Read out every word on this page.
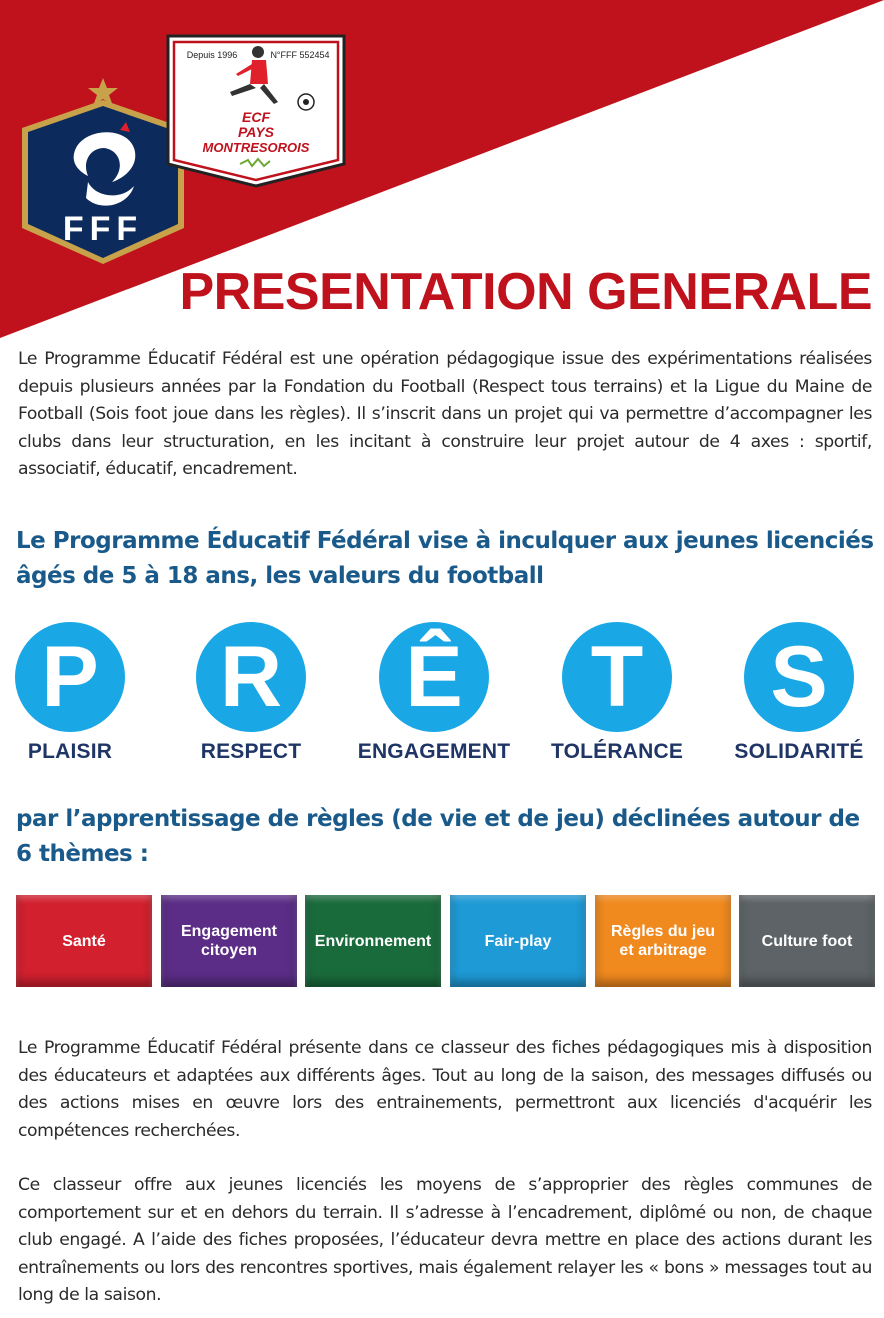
FFF
Depuis 1996	N°FFF 552454
ECF
PAYS
MONTRESOROIS
PRESENTATION GENERALE

Le Programme Éducatif Fédéral est une opération pédagogique issue des expérimentations réalisées depuis plusieurs années par la Fondation du Football (Respect tous terrains) et la Ligue du Maine de Football (Sois foot joue dans les règles). Il s’inscrit dans un projet qui va permettre d’accompagner les clubs dans leur structuration, en les incitant à construire leur projet autour de 4 axes : sportif, associatif, éducatif, encadrement.

Le Programme Éducatif Fédéral vise à inculquer aux jeunes licenciés âgés de 5 à 18 ans, les valeurs du football
P
PLAISIR
R
RESPECT
Ê
ENGAGEMENT
T
TOLÉRANCE
S
SOLIDARITÉ
par l’apprentissage de règles (de vie et de jeu) déclinées autour de 6 thèmes :
Santé
Engagement citoyen
Environnement	Fair-play
Règles du jeu et arbitrage
Culture foot

Le Programme Éducatif Fédéral présente dans ce classeur des fiches pédagogiques mis à disposition des éducateurs et adaptées aux différents âges. Tout au long de la saison, des messages diffusés ou des actions mises en œuvre lors des entrainements, permettront aux licenciés d'acquérir les compétences recherchées.

Ce classeur offre aux jeunes licenciés les moyens de s’approprier des règles communes de comportement sur et en dehors du terrain. Il s’adresse à l’encadrement, diplômé ou non, de chaque club engagé. A l’aide des fiches proposées, l’éducateur devra mettre en place des actions durant les entraînements ou lors des rencontres sportives, mais également relayer les « bons » messages tout au long de la saison.
